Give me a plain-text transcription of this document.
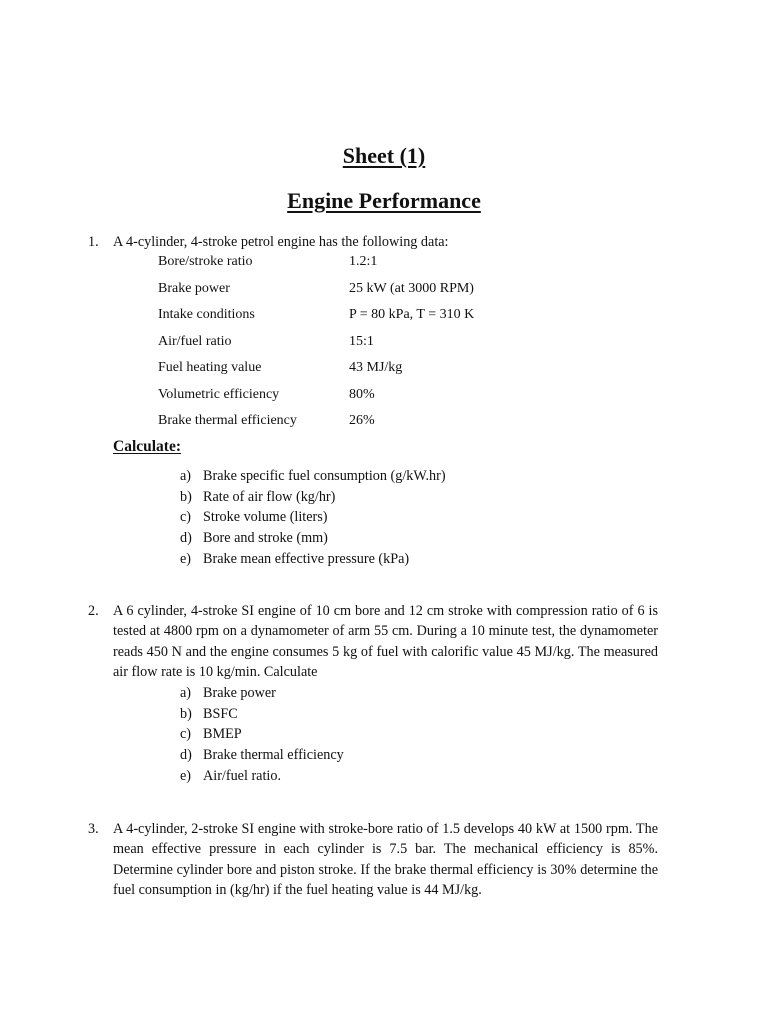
Sheet (1)
Engine Performance
1. A 4-cylinder, 4-stroke petrol engine has the following data:
Bore/stroke ratio	1.2:1
Brake power	25 kW (at 3000 RPM)
Intake conditions	P = 80 kPa, T = 310 K
Air/fuel ratio	15:1
Fuel heating value	43 MJ/kg
Volumetric efficiency	80%
Brake thermal efficiency	26%
Calculate:
a) Brake specific fuel consumption (g/kW.hr)
b) Rate of air flow (kg/hr)
c) Stroke volume (liters)
d) Bore and stroke (mm)
e) Brake mean effective pressure (kPa)
2. A 6 cylinder, 4-stroke SI engine of 10 cm bore and 12 cm stroke with compression ratio of 6 is tested at 4800 rpm on a dynamometer of arm 55 cm. During a 10 minute test, the dynamometer reads 450 N and the engine consumes 5 kg of fuel with calorific value 45 MJ/kg. The measured air flow rate is 10 kg/min. Calculate
a) Brake power
b) BSFC
c) BMEP
d) Brake thermal efficiency
e) Air/fuel ratio.
3. A 4-cylinder, 2-stroke SI engine with stroke-bore ratio of 1.5 develops 40 kW at 1500 rpm. The mean effective pressure in each cylinder is 7.5 bar. The mechanical efficiency is 85%. Determine cylinder bore and piston stroke. If the brake thermal efficiency is 30% determine the fuel consumption in (kg/hr) if the fuel heating value is 44 MJ/kg.
